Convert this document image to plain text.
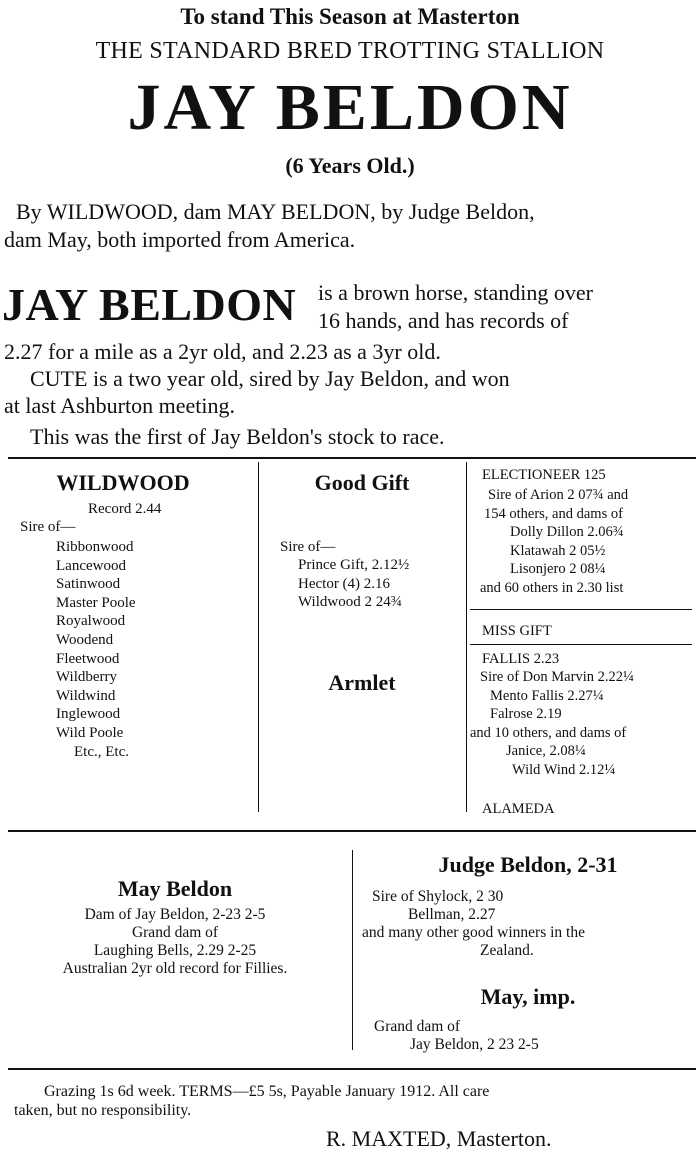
To stand This Season at Masterton
THE STANDARD BRED TROTTING STALLION
JAY BELDON
(6 Years Old.)
By WILDWOOD, dam MAY BELDON, by Judge Beldon,
dam May, both imported from America.
JAY BELDON is a brown horse, standing over
16 hands, and has records of
2.27 for a mile as a 2yr old, and 2.23 as a 3yr old.
CUTE is a two year old, sired by Jay Beldon, and won
at last Ashburton meeting.
This was the first of Jay Beldon's stock to race.
WILDWOOD
Record 2.44
Sire of—
Ribbonwood
Lancewood
Satinwood
Master Poole
Royalwood
Woodend
Fleetwood
Wildberry
Wildwind
Inglewood
Wild Poole
Etc., Etc.
Good Gift
Sire of—
Prince Gift, 2.12½
Hector (4) 2.16
Wildwood 2 24¾
Armlet
ELECTIONEER 125
Sire of Arion 2 07¾ and
154 others, and dams of
Dolly Dillon 2.06¾
Klatawah 2 05½
Lisonjero 2 08¼
and 60 others in 2.30 list
MISS GIFT
FALLIS 2.23
Sire of Don Marvin 2.22¼
Mento Fallis 2.27¼
Falrose 2.19
and 10 others, and dams of
Janice, 2.08¼
Wild Wind 2.12¼
ALAMEDA
May Beldon
Dam of Jay Beldon, 2-23 2-5
Grand dam of
Laughing Bells, 2.29 2-25
Australian 2yr old record for Fillies.
Judge Beldon, 2-31
Sire of Shylock, 2 30
Bellman, 2.27
and many other good winners in the
Zealand.
May, imp.
Grand dam of
Jay Beldon, 2 23 2-5
Grazing 1s 6d week. TERMS—£5 5s, Payable January 1912. All care
taken, but no responsibility.
R. MAXTED, Masterton.
